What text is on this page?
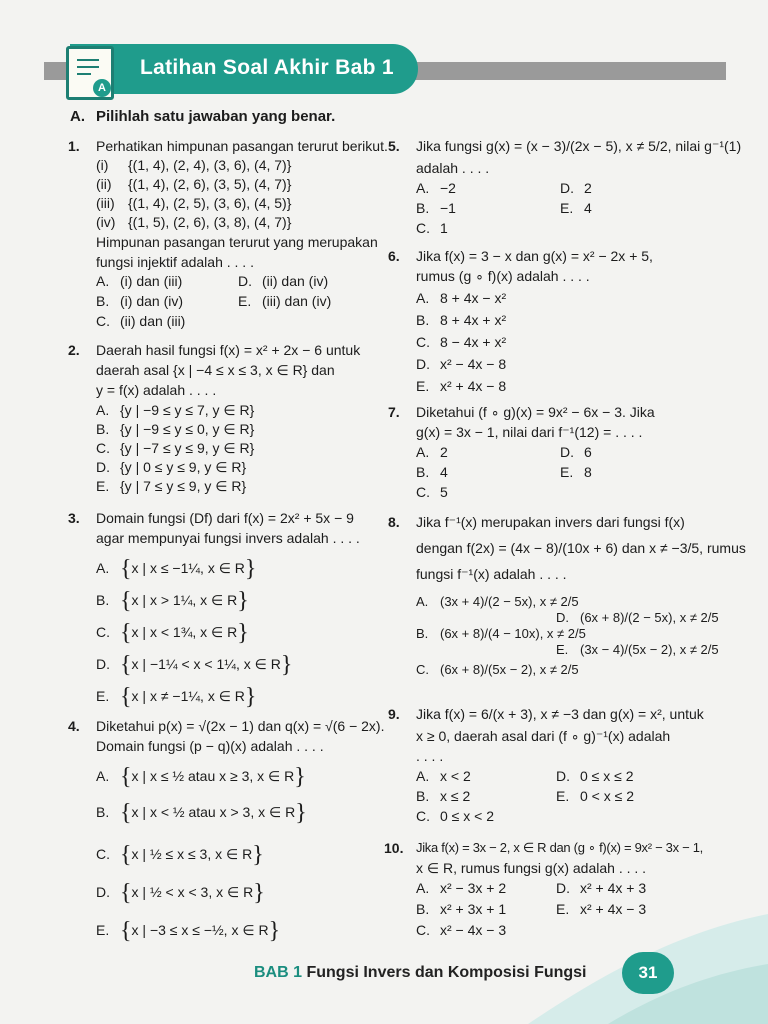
A
Latihan Soal Akhir Bab 1
A. Pilihlah satu jawaban yang benar.
1. Perhatikan himpunan pasangan terurut berikut.
(i) {(1, 4), (2, 4), (3, 6), (4, 7)}
(ii) {(1, 4), (2, 6), (3, 5), (4, 7)}
(iii) {(1, 4), (2, 5), (3, 6), (4, 5)}
(iv) {(1, 5), (2, 6), (3, 8), (4, 7)}
Himpunan pasangan terurut yang merupakan
fungsi injektif adalah . . . .
A. (i) dan (iii)	D. (ii) dan (iv)
B. (i) dan (iv)	E. (iii) dan (iv)
C. (ii) dan (iii)
2. Daerah hasil fungsi f(x) = x² + 2x − 6 untuk
daerah asal {x | −4 ≤ x ≤ 3, x ∈ R} dan
y = f(x) adalah . . . .
A. {y | −9 ≤ y ≤ 7, y ∈ R}
B. {y | −9 ≤ y ≤ 0, y ∈ R}
C. {y | −7 ≤ y ≤ 9, y ∈ R}
D. {y | 0 ≤ y ≤ 9, y ∈ R}
E. {y | 7 ≤ y ≤ 9, y ∈ R}
3. Domain fungsi (Df) dari f(x) = 2x² + 5x − 9
agar mempunyai fungsi invers adalah . . . .
A. {x | x ≤ −1¼, x ∈ R}
B. {x | x > 1¼, x ∈ R}
C. {x | x < 1¾, x ∈ R}
D. {x | −1¼ < x < 1¼, x ∈ R}
E. {x | x ≠ −1¼, x ∈ R}
4. Diketahui p(x) = √(2x − 1) dan q(x) = √(6 − 2x).
Domain fungsi (p − q)(x) adalah . . . .
A. {x | x ≤ ½ atau x ≥ 3, x ∈ R}
B. {x | x < ½ atau x > 3, x ∈ R}
C. {x | ½ ≤ x ≤ 3, x ∈ R}
D. {x | ½ < x < 3, x ∈ R}
E. {x | −3 ≤ x ≤ −½, x ∈ R}
5. Jika fungsi g(x) = (x − 3)/(2x − 5), x ≠ 5/2, nilai g⁻¹(1)
adalah . . . .
A. −2	D. 2
B. −1	E. 4
C. 1
6. Jika f(x) = 3 − x dan g(x) = x² − 2x + 5,
rumus (g ∘ f)(x) adalah . . . .
A. 8 + 4x − x²
B. 8 + 4x + x²
C. 8 − 4x + x²
D. x² − 4x − 8
E. x² + 4x − 8
7. Diketahui (f ∘ g)(x) = 9x² − 6x − 3. Jika
g(x) = 3x − 1, nilai dari f⁻¹(12) = . . . .
A. 2	D. 6
B. 4	E. 8
C. 5
8. Jika f⁻¹(x) merupakan invers dari fungsi f(x)
dengan f(2x) = (4x − 8)/(10x + 6) dan x ≠ −3/5, rumus
fungsi f⁻¹(x) adalah . . . .
A. (3x + 4)/(2 − 5x), x ≠ 2/5
B. (6x + 8)/(4 − 10x), x ≠ 2/5
C. (6x + 8)/(5x − 2), x ≠ 2/5
D. (6x + 8)/(2 − 5x), x ≠ 2/5
E. (3x − 4)/(5x − 2), x ≠ 2/5
9. Jika f(x) = 6/(x + 3), x ≠ −3 dan g(x) = x², untuk
x ≥ 0, daerah asal dari (f ∘ g)⁻¹(x) adalah
. . . .
A. x < 2	D. 0 ≤ x ≤ 2
B. x ≤ 2	E. 0 < x ≤ 2
C. 0 ≤ x < 2
10. Jika f(x) = 3x − 2, x ∈ R dan (g ∘ f)(x) = 9x² − 3x − 1,
x ∈ R, rumus fungsi g(x) adalah . . . .
A. x² − 3x + 2	D. x² + 4x + 3
B. x² + 3x + 1	E. x² + 4x − 3
C. x² − 4x − 3
BAB 1 Fungsi Invers dan Komposisi Fungsi	31
